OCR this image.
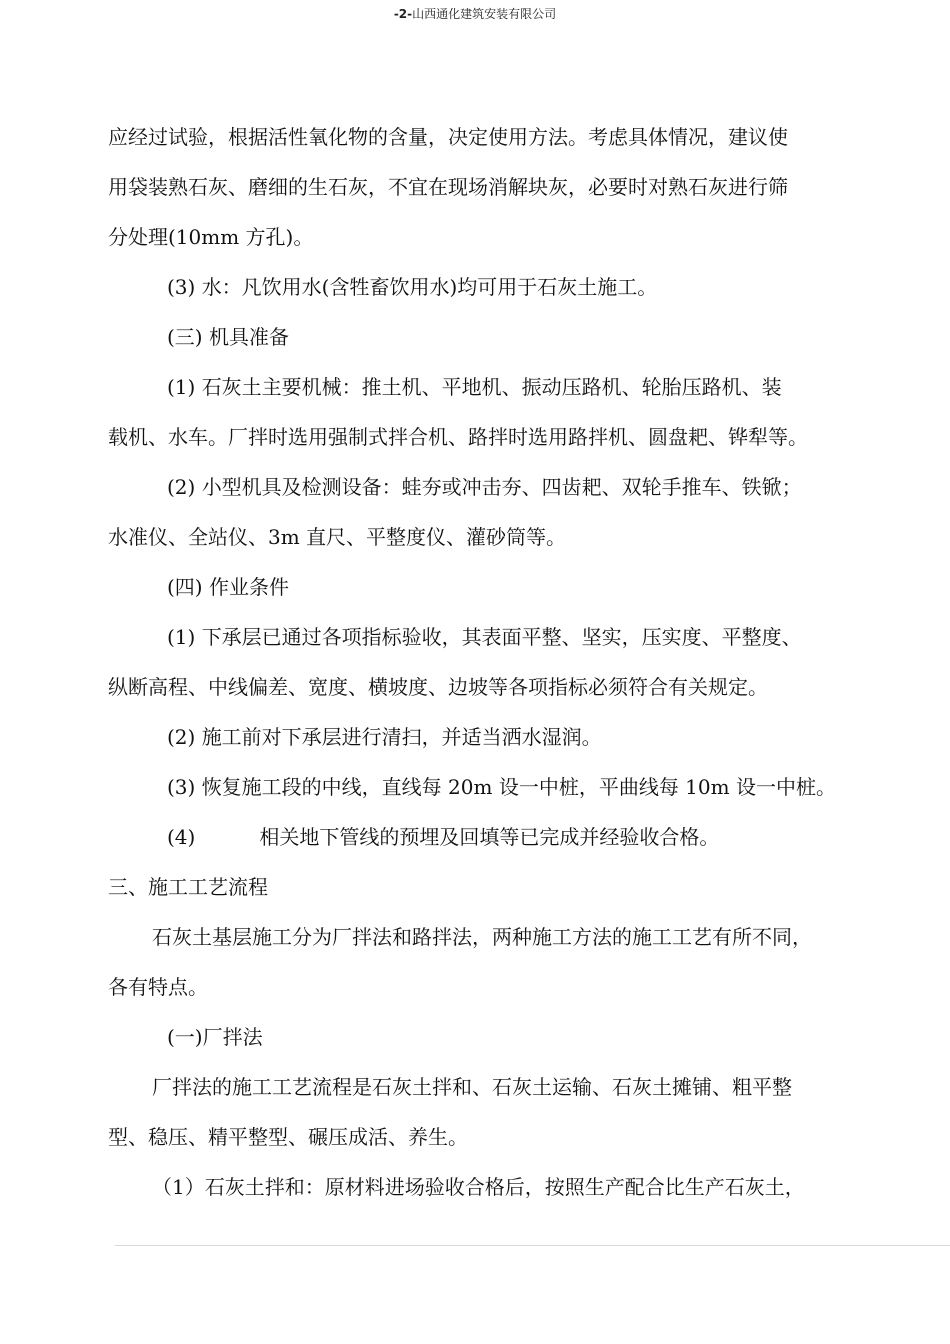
-2-山西通化建筑安装有限公司
应经过试验，根据活性氧化物的含量，决定使用方法。考虑具体情况，建议使
用袋装熟石灰、磨细的生石灰，不宜在现场消解块灰，必要时对熟石灰进行筛
分处理(10mm 方孔)。
(3) 水：凡饮用水(含牲畜饮用水)均可用于石灰土施工。
(三) 机具准备
(1) 石灰土主要机械：推土机、平地机、振动压路机、轮胎压路机、装
载机、水车。厂拌时选用强制式拌合机、路拌时选用路拌机、圆盘耙、铧犁等。
(2) 小型机具及检测设备：蛙夯或冲击夯、四齿耙、双轮手推车、铁锨；
水准仪、全站仪、3m 直尺、平整度仪、灌砂筒等。
(四) 作业条件
(1) 下承层已通过各项指标验收，其表面平整、坚实，压实度、平整度、
纵断高程、中线偏差、宽度、横坡度、边坡等各项指标必须符合有关规定。
(2) 施工前对下承层进行清扫，并适当洒水湿润。
(3) 恢复施工段的中线，直线每 20m 设一中桩，平曲线每 10m 设一中桩。
(4)	相关地下管线的预埋及回填等已完成并经验收合格。
三、施工工艺流程
石灰土基层施工分为厂拌法和路拌法，两种施工方法的施工工艺有所不同，
各有特点。
(一)厂拌法
厂拌法的施工工艺流程是石灰土拌和、石灰土运输、石灰土摊铺、粗平整
型、稳压、精平整型、碾压成活、养生。
（1）石灰土拌和：原材料进场验收合格后，按照生产配合比生产石灰土，
